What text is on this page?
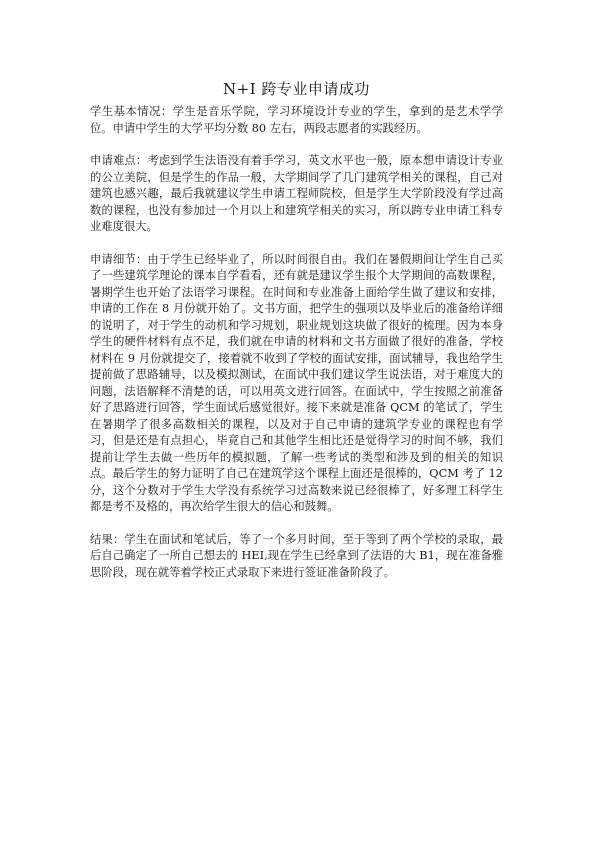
N+I 跨专业申请成功

学生基本情况：学生是音乐学院，学习环境设计专业的学生，拿到的是艺术学学位。申请中学生的大学平均分数 80 左右，两段志愿者的实践经历。

申请难点：考虑到学生法语没有着手学习，英文水平也一般，原本想申请设计专业的公立美院，但是学生的作品一般，大学期间学了几门建筑学相关的课程，自己对建筑也感兴趣，最后我就建议学生申请工程师院校，但是学生大学阶段没有学过高数的课程，也没有参加过一个月以上和建筑学相关的实习，所以跨专业申请工科专业难度很大。

申请细节：由于学生已经毕业了，所以时间很自由。我们在暑假期间让学生自己买了一些建筑学理论的课本自学看看，还有就是建议学生报个大学期间的高数课程，暑期学生也开始了法语学习课程。在时间和专业准备上面给学生做了建议和安排，申请的工作在 8 月份就开始了。文书方面，把学生的强项以及毕业后的准备给详细的说明了，对于学生的动机和学习规划，职业规划这块做了很好的梳理。因为本身学生的硬件材料有点不足，我们就在申请的材料和文书方面做了很好的准备，学校材料在 9 月份就提交了，接着就不收到了学校的面试安排，面试辅导，我也给学生提前做了思路辅导，以及模拟测试，在面试中我们建议学生说法语，对于难度大的问题，法语解释不清楚的话，可以用英文进行回答。在面试中，学生按照之前准备好了思路进行回答，学生面试后感觉很好。接下来就是准备 QCM 的笔试了，学生在暑期学了很多高数相关的课程，以及对于自己申请的建筑学专业的课程也有学习，但是还是有点担心，毕竟自己和其他学生相比还是觉得学习的时间不够，我们提前让学生去做一些历年的模拟题，了解一些考试的类型和涉及到的相关的知识点。最后学生的努力证明了自己在建筑学这个课程上面还是很棒的，QCM 考了 12 分，这个分数对于学生大学没有系统学习过高数来说已经很棒了，好多理工科学生都是考不及格的，再次给学生很大的信心和鼓舞。

结果：学生在面试和笔试后，等了一个多月时间，至于等到了两个学校的录取，最后自己确定了一所自己想去的 HEI,现在学生已经拿到了法语的大 B1，现在准备雅思阶段，现在就等着学校正式录取下来进行签证准备阶段了。
